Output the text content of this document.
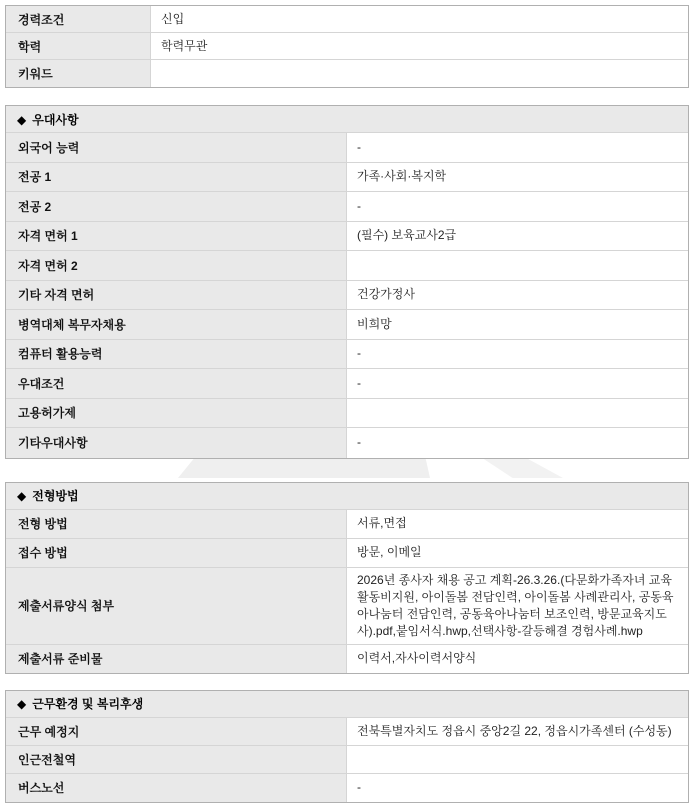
경력조건	신입
학력	학력무관
키워드	
◆ 우대사항	
외국어 능력	-
전공 1	가족·사회·복지학
전공 2	-
자격 면허 1	(필수) 보육교사2급
자격 면허 2	
기타 자격 면허	건강가정사
병역대체 복무자채용	비희망
컴퓨터 활용능력	-
우대조건	-
고용허가제	
기타우대사항	-
◆ 전형방법	
전형 방법	서류,면접
접수 방법	방문, 이메일
제출서류양식 첨부	2026년 종사자 채용 공고 계획-26.3.26.(다문화가족자녀 교육활동비지원, 아이돌봄 전담인력, 아이돌봄 사례관리사, 공동육아나눔터 전담인력, 공동육아나눔터 보조인력, 방문교육지도사).pdf,붙임서식.hwp,선택사항-갈등해결 경험사례.hwp
제출서류 준비물	이력서,자사이력서양식
◆ 근무환경 및 복리후생	
근무 예정지	전북특별자치도 정읍시 중앙2길 22, 정읍시가족센터 (수성동)
인근전철역	
버스노선	-
